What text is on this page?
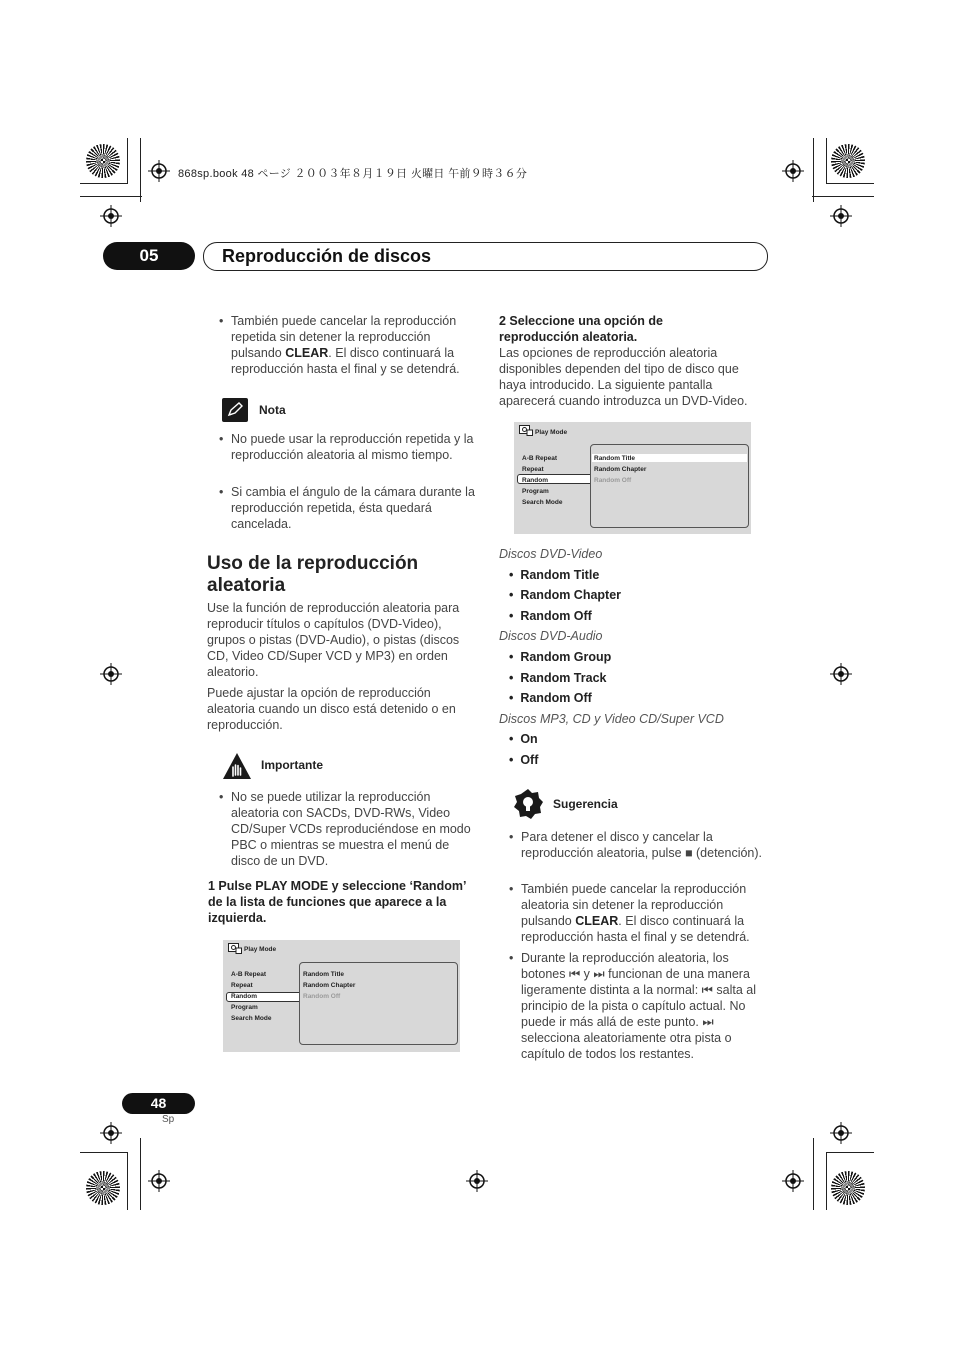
868sp.book 48 ページ ２００３年８月１９日 火曜日 午前９時３６分
05	Reproducción de discos
• También puede cancelar la reproducción repetida sin detener la reproducción pulsando CLEAR. El disco continuará la reproducción hasta el final y se detendrá.
Nota
• No puede usar la reproducción repetida y la reproducción aleatoria al mismo tiempo.
• Si cambia el ángulo de la cámara durante la reproducción repetida, ésta quedará cancelada.
Uso de la reproducción aleatoria
Use la función de reproducción aleatoria para reproducir títulos o capítulos (DVD-Video), grupos o pistas (DVD-Audio), o pistas (discos CD, Video CD/Super VCD y MP3) en orden aleatorio.
Puede ajustar la opción de reproducción aleatoria cuando un disco está detenido o en reproducción.
Importante
• No se puede utilizar la reproducción aleatoria con SACDs, DVD-RWs, Video CD/Super VCDs reproduciéndose en modo PBC o mientras se muestra el menú de disco de un DVD.
1 Pulse PLAY MODE y seleccione ‘Random’ de la lista de funciones que aparece a la izquierda.
Play Mode
A-B Repeat
Repeat
Random
Program
Search Mode
Random Title
Random Chapter
Random Off
2 Seleccione una opción de reproducción aleatoria.
Las opciones de reproducción aleatoria disponibles dependen del tipo de disco que haya introducido. La siguiente pantalla aparecerá cuando introduzca un DVD-Video.
Play Mode
A-B Repeat
Repeat
Random
Program
Search Mode
Random Title
Random Chapter
Random Off
Discos DVD-Video
•  Random Title
•  Random Chapter
•  Random Off
Discos DVD-Audio
•  Random Group
•  Random Track
•  Random Off
Discos MP3, CD y Video CD/Super VCD
•  On
•  Off
Sugerencia
• Para detener el disco y cancelar la reproducción aleatoria, pulse ■ (detención).
• También puede cancelar la reproducción aleatoria sin detener la reproducción pulsando CLEAR. El disco continuará la reproducción hasta el final y se detendrá.
• Durante la reproducción aleatoria, los botones ⏮ y ⏭ funcionan de una manera ligeramente distinta a la normal: ⏮ salta al principio de la pista o capítulo actual. No puede ir más allá de este punto. ⏭ selecciona aleatoriamente otra pista o capítulo de todos los restantes.
48
Sp
